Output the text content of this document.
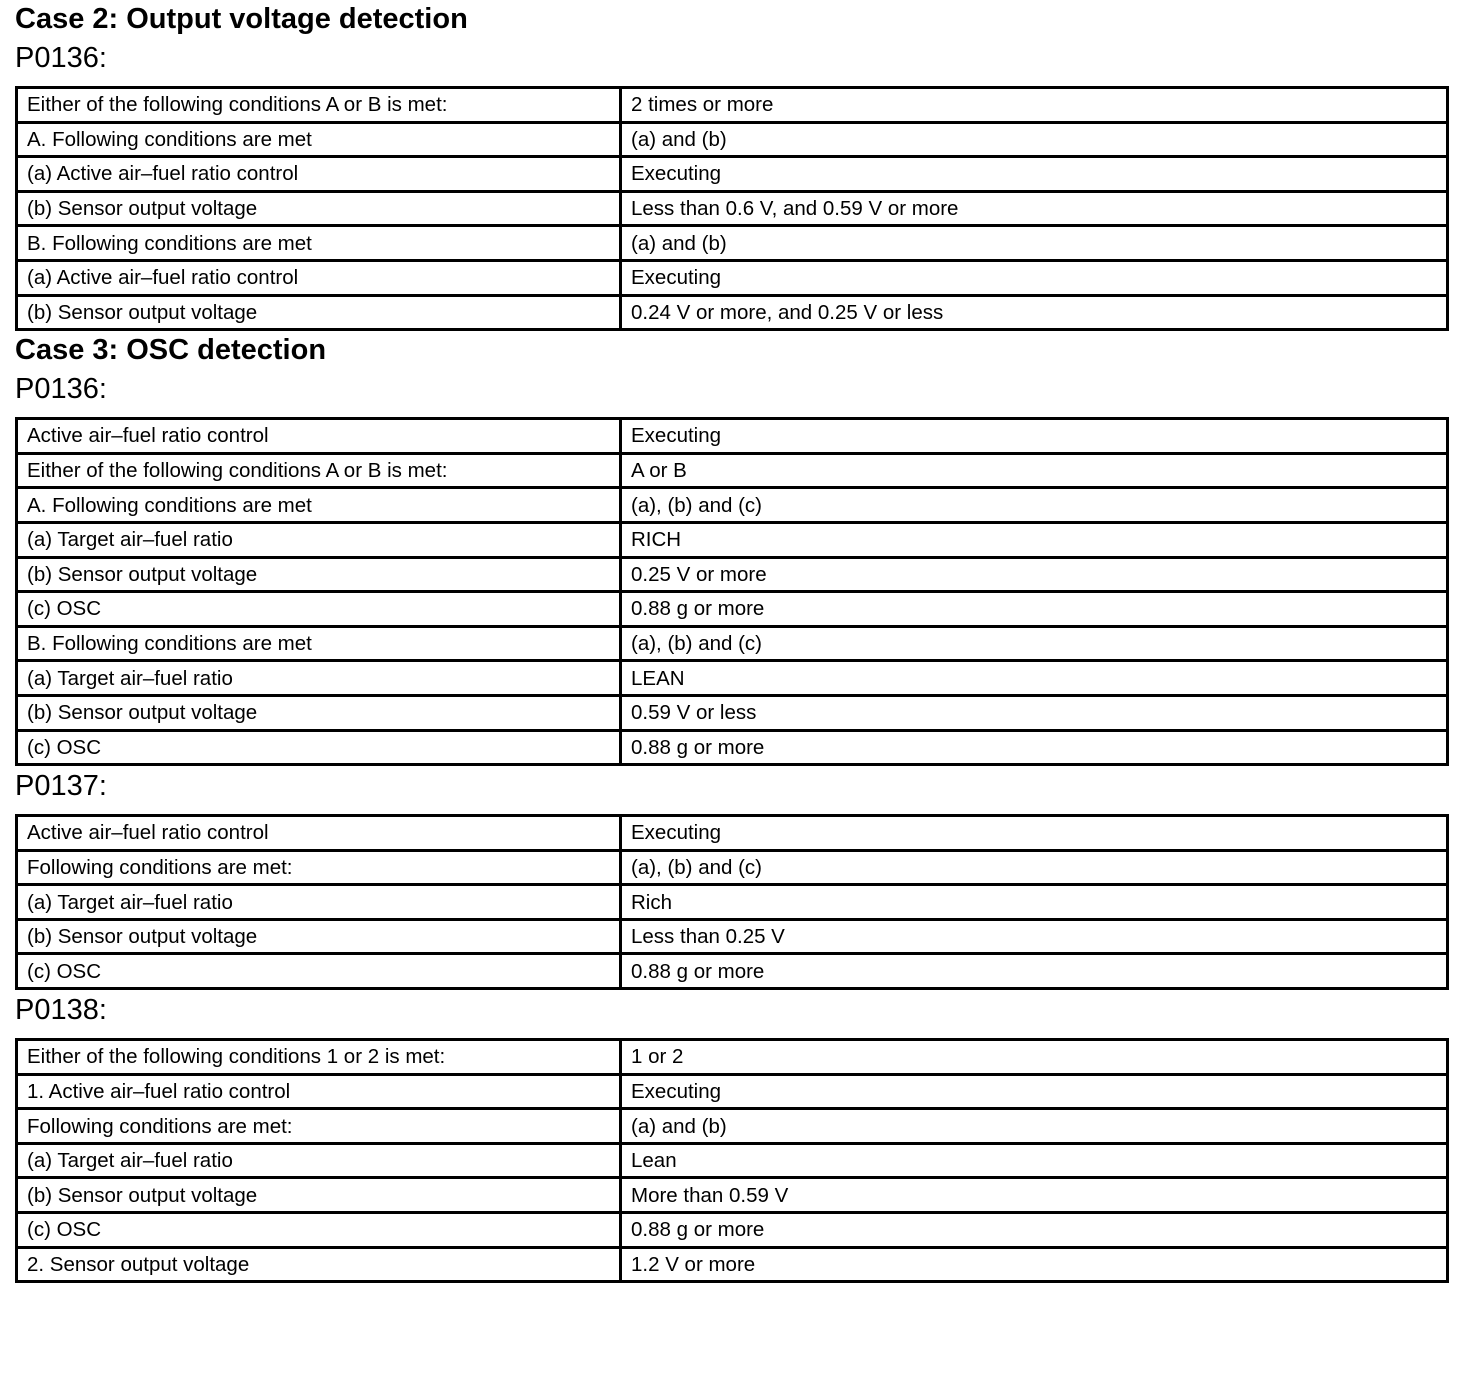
Case 2: Output voltage detection
P0136:
Either of the following conditions A or B is met:	2 times or more
A. Following conditions are met	(a) and (b)
(a) Active air–fuel ratio control	Executing
(b) Sensor output voltage	Less than 0.6 V, and 0.59 V or more
B. Following conditions are met	(a) and (b)
(a) Active air–fuel ratio control	Executing
(b) Sensor output voltage	0.24 V or more, and 0.25 V or less
Case 3: OSC detection
P0136:
Active air–fuel ratio control	Executing
Either of the following conditions A or B is met:	A or B
A. Following conditions are met	(a), (b) and (c)
(a) Target air–fuel ratio	RICH
(b) Sensor output voltage	0.25 V or more
(c) OSC	0.88 g or more
B. Following conditions are met	(a), (b) and (c)
(a) Target air–fuel ratio	LEAN
(b) Sensor output voltage	0.59 V or less
(c) OSC	0.88 g or more
P0137:
Active air–fuel ratio control	Executing
Following conditions are met:	(a), (b) and (c)
(a) Target air–fuel ratio	Rich
(b) Sensor output voltage	Less than 0.25 V
(c) OSC	0.88 g or more
P0138:
Either of the following conditions 1 or 2 is met:	1 or 2
1. Active air–fuel ratio control	Executing
Following conditions are met:	(a) and (b)
(a) Target air–fuel ratio	Lean
(b) Sensor output voltage	More than 0.59 V
(c) OSC	0.88 g or more
2. Sensor output voltage	1.2 V or more
